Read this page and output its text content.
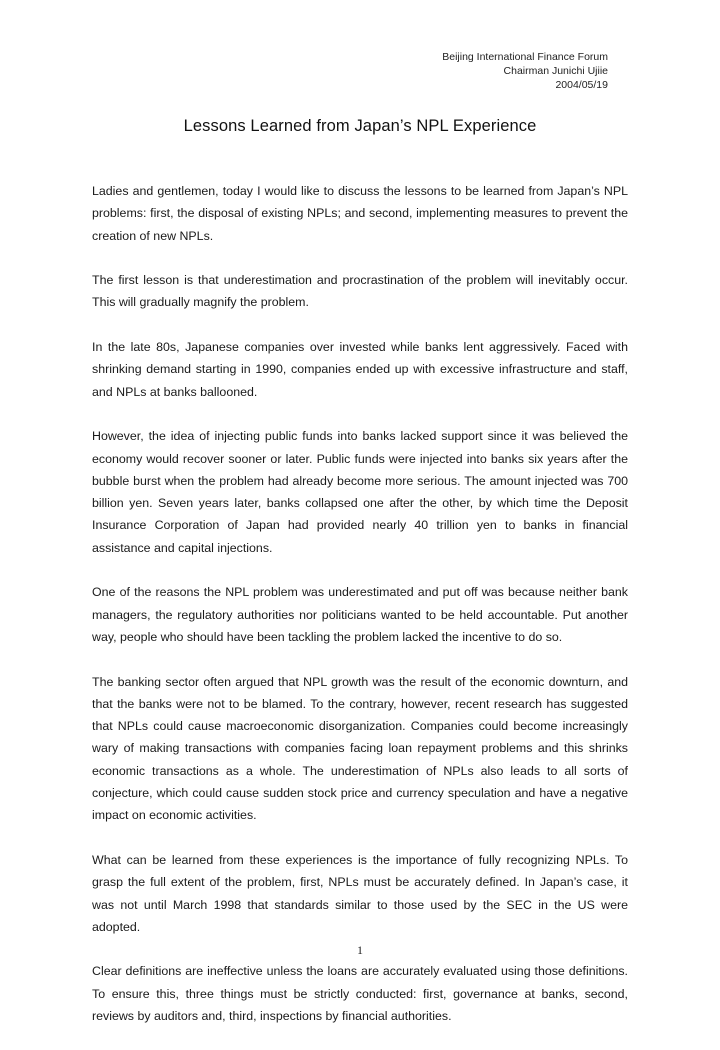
Beijing International Finance Forum
Chairman Junichi Ujiie
2004/05/19
Lessons Learned from Japan’s NPL Experience

Ladies and gentlemen, today I would like to discuss the lessons to be learned from Japan’s NPL problems: first, the disposal of existing NPLs; and second, implementing measures to prevent the creation of new NPLs.

The first lesson is that underestimation and procrastination of the problem will inevitably occur. This will gradually magnify the problem.

In the late 80s, Japanese companies over invested while banks lent aggressively. Faced with shrinking demand starting in 1990, companies ended up with excessive infrastructure and staff, and NPLs at banks ballooned.

However, the idea of injecting public funds into banks lacked support since it was believed the economy would recover sooner or later. Public funds were injected into banks six years after the bubble burst when the problem had already become more serious. The amount injected was 700 billion yen. Seven years later, banks collapsed one after the other, by which time the Deposit Insurance Corporation of Japan had provided nearly 40 trillion yen to banks in financial assistance and capital injections.

One of the reasons the NPL problem was underestimated and put off was because neither bank managers, the regulatory authorities nor politicians wanted to be held accountable. Put another way, people who should have been tackling the problem lacked the incentive to do so.

The banking sector often argued that NPL growth was the result of the economic downturn, and that the banks were not to be blamed. To the contrary, however, recent research has suggested that NPLs could cause macroeconomic disorganization. Companies could become increasingly wary of making transactions with companies facing loan repayment problems and this shrinks economic transactions as a whole. The underestimation of NPLs also leads to all sorts of conjecture, which could cause sudden stock price and currency speculation and have a negative impact on economic activities.

What can be learned from these experiences is the importance of fully recognizing NPLs. To grasp the full extent of the problem, first, NPLs must be accurately defined. In Japan’s case, it was not until March 1998 that standards similar to those used by the SEC in the US were adopted.

Clear definitions are ineffective unless the loans are accurately evaluated using those definitions. To ensure this, three things must be strictly conducted: first, governance at banks, second, reviews by auditors and, third, inspections by financial authorities.

1
